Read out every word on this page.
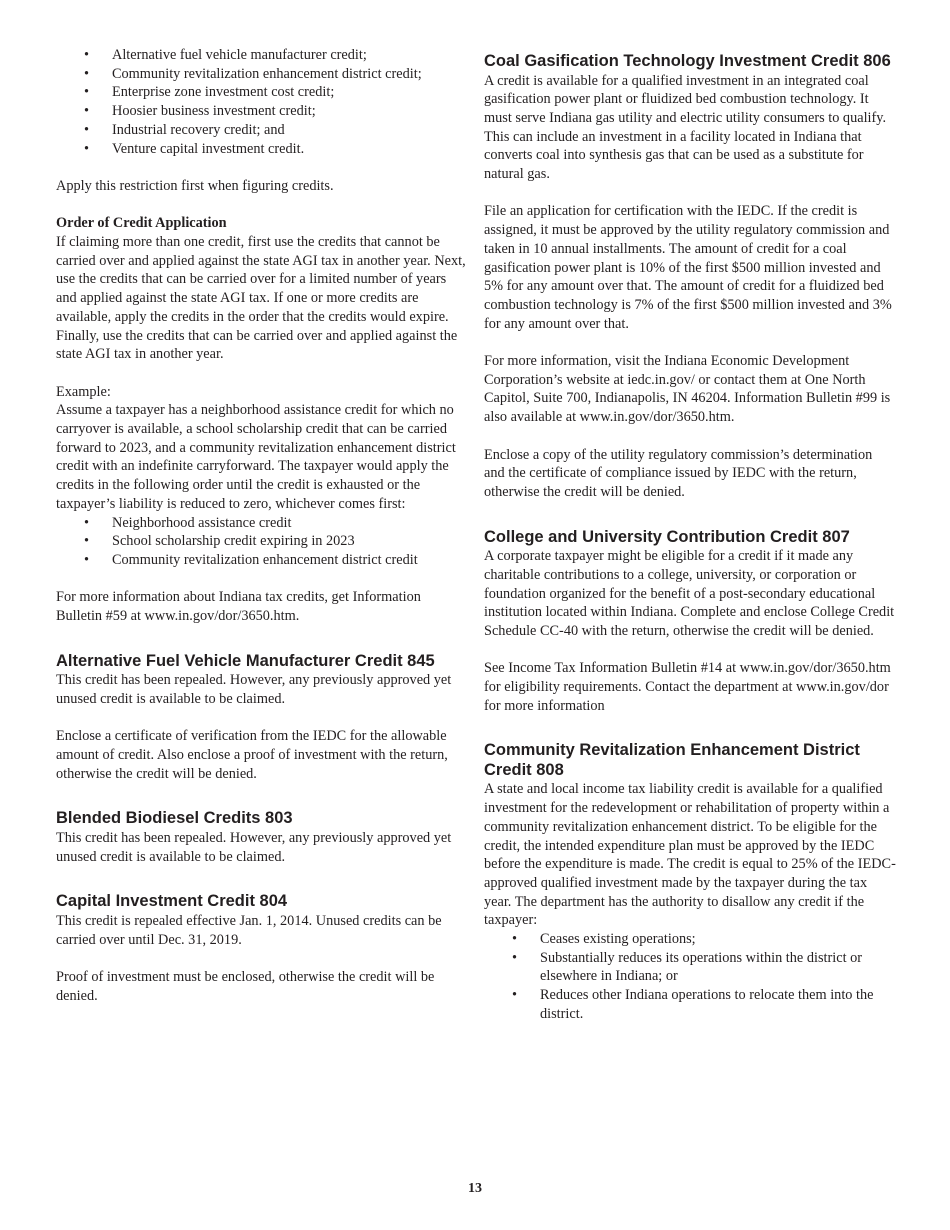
• Alternative fuel vehicle manufacturer credit;
• Community revitalization enhancement district credit;
• Enterprise zone investment cost credit;
• Hoosier business investment credit;
• Industrial recovery credit; and
• Venture capital investment credit.

Apply this restriction first when figuring credits.

Order of Credit Application

If claiming more than one credit, first use the credits that cannot be carried over and applied against the state AGI tax in another year. Next, use the credits that can be carried over for a limited number of years and applied against the state AGI tax. If one or more credits are available, apply the credits in the order that the credits would expire. Finally, use the credits that can be carried over and applied against the state AGI tax in another year.

Example:

Assume a taxpayer has a neighborhood assistance credit for which no carryover is available, a school scholarship credit that can be carried forward to 2023, and a community revitalization enhancement district credit with an indefinite carryforward. The taxpayer would apply the credits in the following order until the credit is exhausted or the taxpayer’s liability is reduced to zero, whichever comes first:

• Neighborhood assistance credit
• School scholarship credit expiring in 2023
• Community revitalization enhancement district credit

For more information about Indiana tax credits, get Information Bulletin #59 at www.in.gov/dor/3650.htm.

Alternative Fuel Vehicle Manufacturer Credit 845

This credit has been repealed. However, any previously approved yet unused credit is available to be claimed.

Enclose a certificate of verification from the IEDC for the allowable amount of credit. Also enclose a proof of investment with the return, otherwise the credit will be denied.

Blended Biodiesel Credits 803

This credit has been repealed. However, any previously approved yet unused credit is available to be claimed.

Capital Investment Credit 804

This credit is repealed effective Jan. 1, 2014. Unused credits can be carried over until Dec. 31, 2019.

Proof of investment must be enclosed, otherwise the credit will be denied.

Coal Gasification Technology Investment Credit 806

A credit is available for a qualified investment in an integrated coal gasification power plant or fluidized bed combustion technology. It must serve Indiana gas utility and electric utility consumers to qualify. This can include an investment in a facility located in Indiana that converts coal into synthesis gas that can be used as a substitute for natural gas.

File an application for certification with the IEDC. If the credit is assigned, it must be approved by the utility regulatory commission and taken in 10 annual installments. The amount of credit for a coal gasification power plant is 10% of the first $500 million invested and 5% for any amount over that. The amount of credit for a fluidized bed combustion technology is 7% of the first $500 million invested and 3% for any amount over that.

For more information, visit the Indiana Economic Development Corporation’s website at iedc.in.gov/ or contact them at One North Capitol, Suite 700, Indianapolis, IN 46204. Information Bulletin #99 is also available at www.in.gov/dor/3650.htm.

Enclose a copy of the utility regulatory commission’s determination and the certificate of compliance issued by IEDC with the return, otherwise the credit will be denied.

College and University Contribution Credit 807

A corporate taxpayer might be eligible for a credit if it made any charitable contributions to a college, university, or corporation or foundation organized for the benefit of a post-secondary educational institution located within Indiana. Complete and enclose College Credit Schedule CC-40 with the return, otherwise the credit will be denied.

See Income Tax Information Bulletin #14 at www.in.gov/dor/3650.htm for eligibility requirements. Contact the department at www.in.gov/dor for more information

Community Revitalization Enhancement District Credit 808

A state and local income tax liability credit is available for a qualified investment for the redevelopment or rehabilitation of property within a community revitalization enhancement district. To be eligible for the credit, the intended expenditure plan must be approved by the IEDC before the expenditure is made. The credit is equal to 25% of the IEDC-approved qualified investment made by the taxpayer during the tax year. The department has the authority to disallow any credit if the taxpayer:

• Ceases existing operations;
• Substantially reduces its operations within the district or elsewhere in Indiana; or
• Reduces other Indiana operations to relocate them into the district.
13
